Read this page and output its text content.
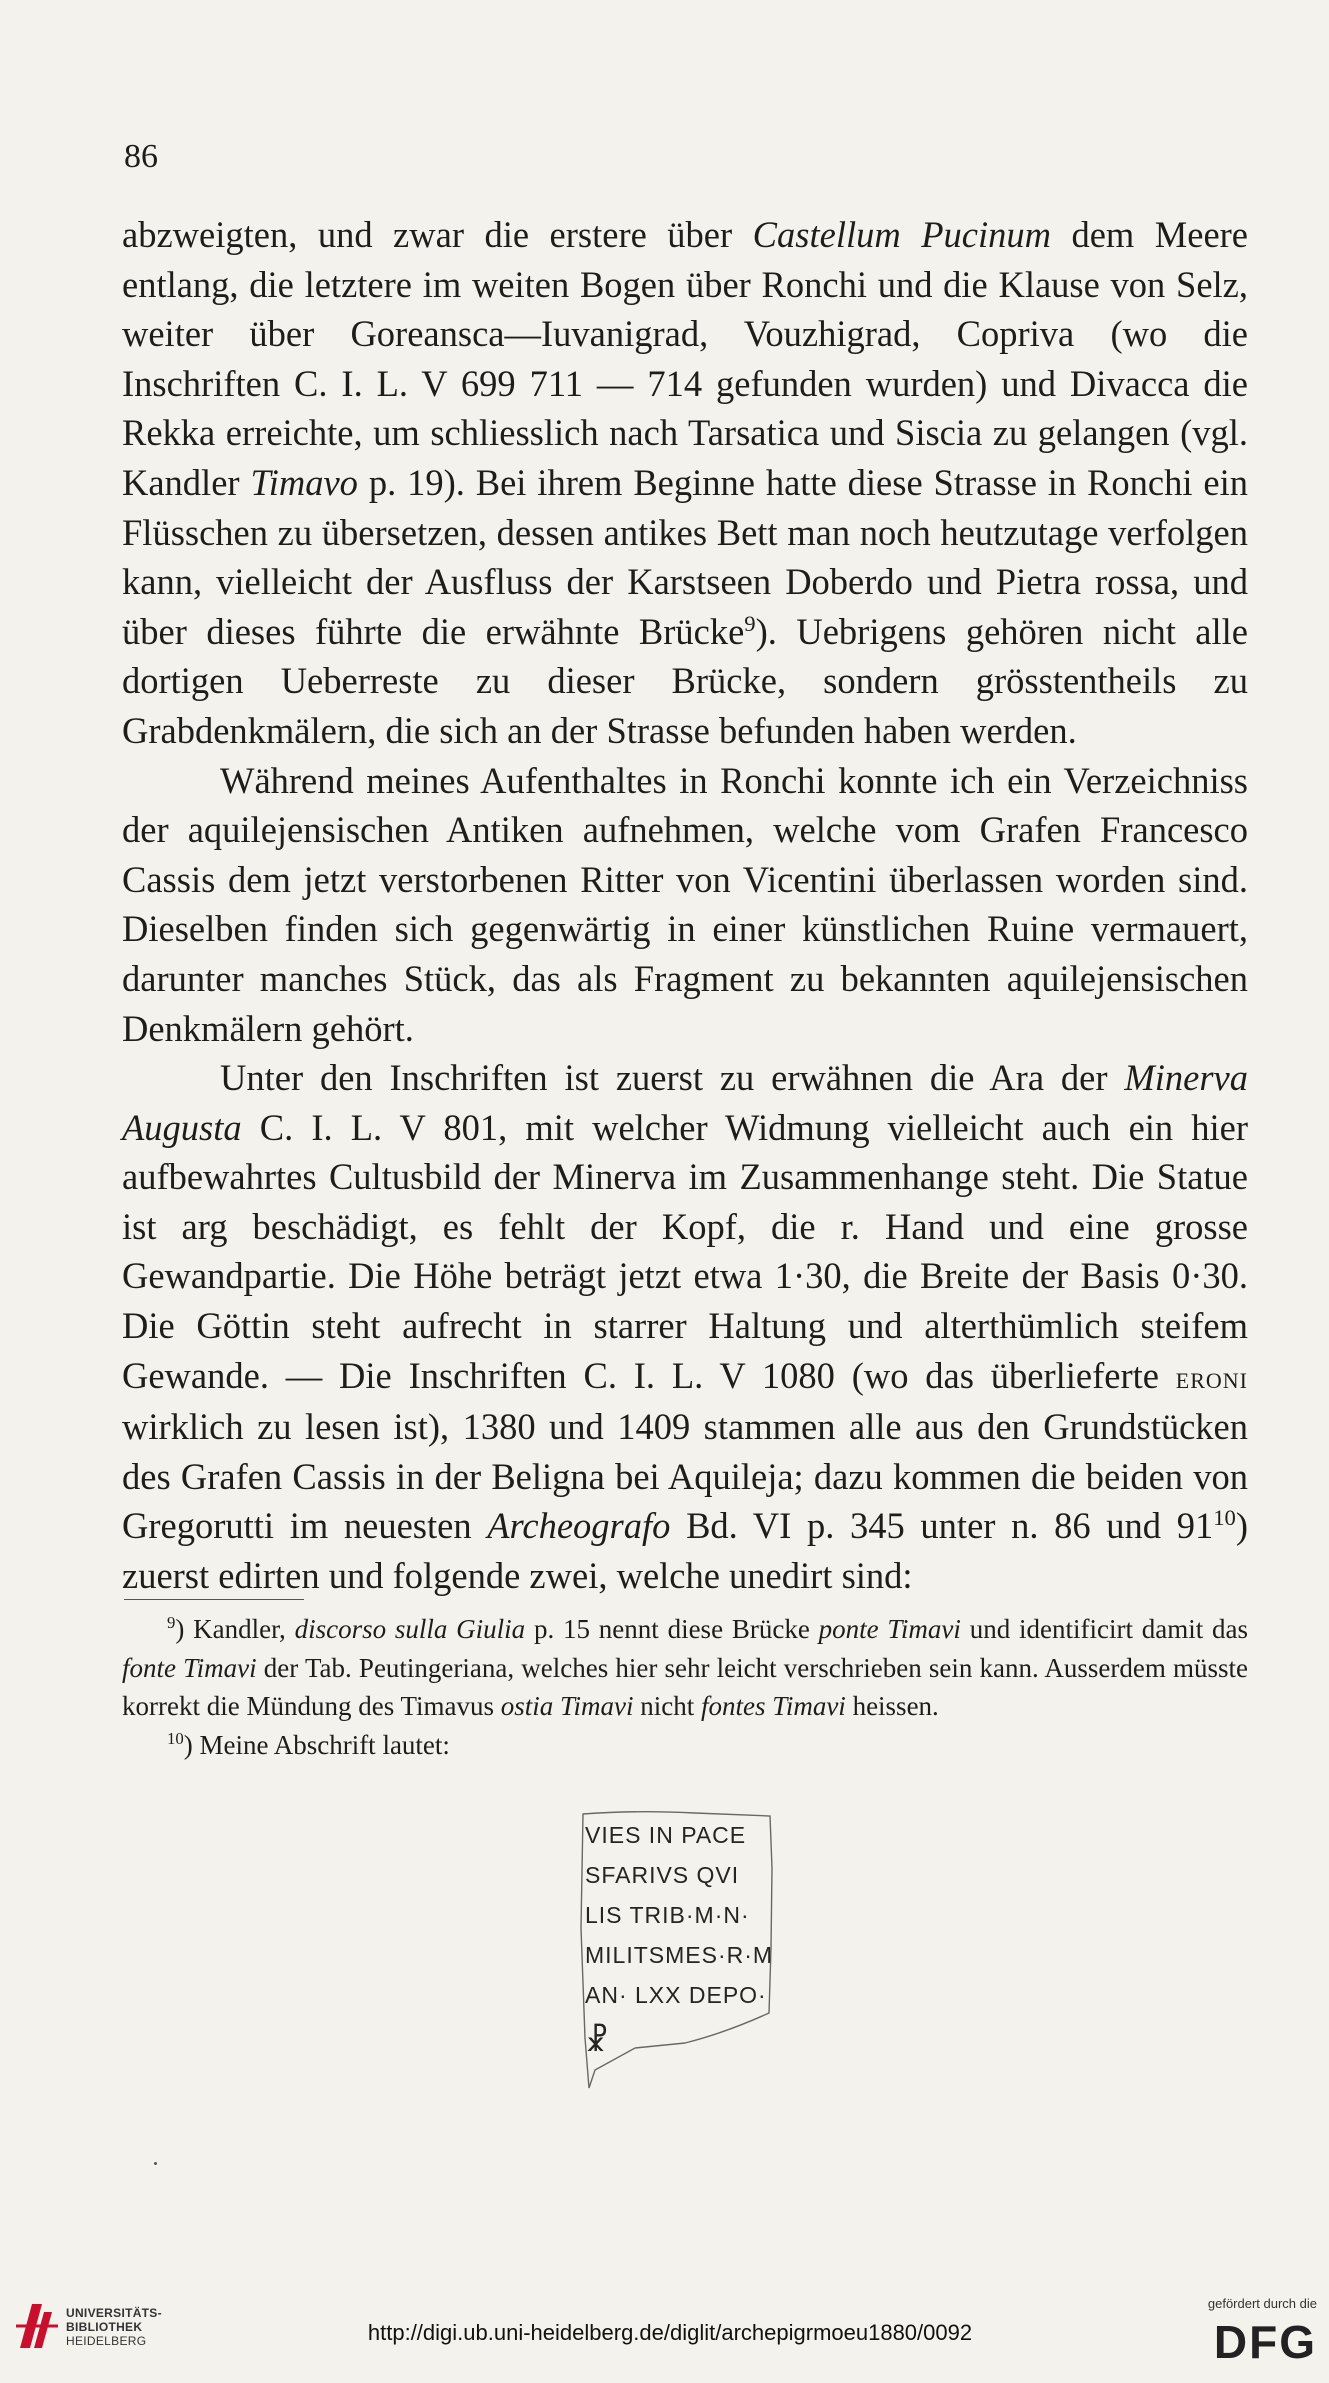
86

abzweigten, und zwar die erstere über Castellum Pucinum dem Meere entlang, die letztere im weiten Bogen über Ronchi und die Klause von Selz, weiter über Goreansca—Iuvanigrad, Vouzhigrad, Copriva (wo die Inschriften C. I. L. V 699 711 — 714 gefunden wurden) und Divacca die Rekka erreichte, um schliesslich nach Tarsatica und Siscia zu gelangen (vgl. Kandler Timavo p. 19). Bei ihrem Beginne hatte diese Strasse in Ronchi ein Flüsschen zu übersetzen, dessen antikes Bett man noch heutzutage verfolgen kann, vielleicht der Ausfluss der Karstseen Doberdo und Pietra rossa, und über dieses führte die erwähnte Brücke$^9$). Uebrigens gehören nicht alle dortigen Ueberreste zu dieser Brücke, sondern grösstentheils zu Grabdenkmälern, die sich an der Strasse befunden haben werden.

Während meines Aufenthaltes in Ronchi konnte ich ein Verzeichniss der aquilejensischen Antiken aufnehmen, welche vom Grafen Francesco Cassis dem jetzt verstorbenen Ritter von Vicentini überlassen worden sind. Dieselben finden sich gegenwärtig in einer künstlichen Ruine vermauert, darunter manches Stück, das als Fragment zu bekannten aquilejensischen Denkmälern gehört.

Unter den Inschriften ist zuerst zu erwähnen die Ara der Minerva Augusta C. I. L. V 801, mit welcher Widmung vielleicht auch ein hier aufbewahrtes Cultusbild der Minerva im Zusammenhange steht. Die Statue ist arg beschädigt, es fehlt der Kopf, die r. Hand und eine grosse Gewandpartie. Die Höhe beträgt jetzt etwa 1·30, die Breite der Basis 0·30. Die Göttin steht aufrecht in starrer Haltung und alterthümlich steifem Gewande. — Die Inschriften C. I. L. V 1080 (wo das überlieferte eroni wirklich zu lesen ist), 1380 und 1409 stammen alle aus den Grundstücken des Grafen Cassis in der Beligna bei Aquileja; dazu kommen die beiden von Gregorutti im neuesten Archeografo Bd. VI p. 345 unter n. 86 und $91^{10}$) zuerst edirten und folgende zwei, welche unedirt sind:

$^9$) Kandler, discorso sulla Giulia p. 15 nennt diese Brücke ponte Timavi und identificirt damit das fonte Timavi der Tab. Peutingeriana, welches hier sehr leicht verschrieben sein kann. Ausserdem müsste korrekt die Mündung des Timavus ostia Timavi nicht fontes Timavi heissen.

$^{10}$) Meine Abschrift lautet:

VIES IN PACE
SFARIVS QVI
LIS TRIB·M·N·
MILITSMES·R·M
AN· LXX DEPO·
☧
UNIVERSITÄTS-
BIBLIOTHEK
HEIDELBERG	http://digi.ub.uni-heidelberg.de/diglit/archepigrmoeu1880/0092
gefördert durch die
DFG
